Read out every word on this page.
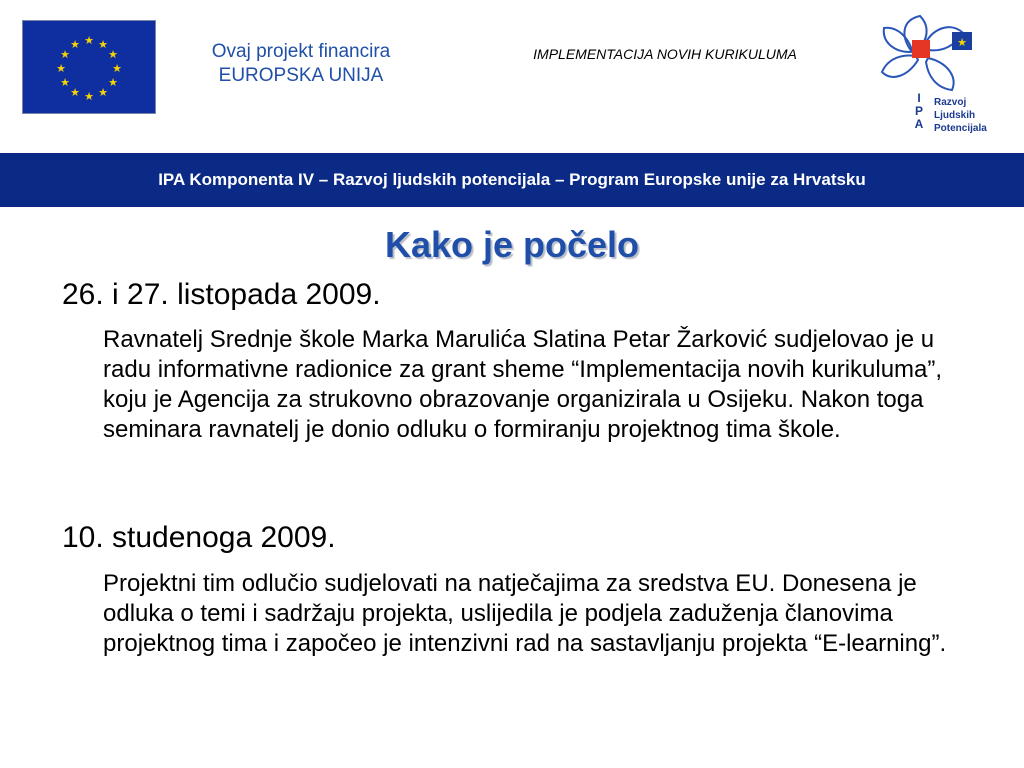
★ ★
★
★
★
★
★
★
★
★
★
★	Ovaj projekt financira
EUROPSKA UNIJA
IMPLEMENTACIJA NOVIH KURIKULUMA
★
I
P
A
Razvoj
Ljudskih
Potencijala
IPA Komponenta IV – Razvoj ljudskih potencijala – Program Europske unije za Hrvatsku
Kako je počelo
26. i 27. listopada 2009.
Ravnatelj Srednje škole Marka Marulića Slatina Petar Žarković sudjelovao je u radu informativne radionice za grant sheme “Implementacija novih kurikuluma”, koju je Agencija za strukovno obrazovanje organizirala u Osijeku. Nakon toga seminara ravnatelj je donio odluku o formiranju projektnog tima škole.
10. studenoga 2009.
Projektni tim odlučio sudjelovati na natječajima za sredstva EU. Donesena je odluka o temi i sadržaju projekta, uslijedila je podjela zaduženja članovima projektnog tima i započeo je intenzivni rad na sastavljanju projekta “E-learning”.
